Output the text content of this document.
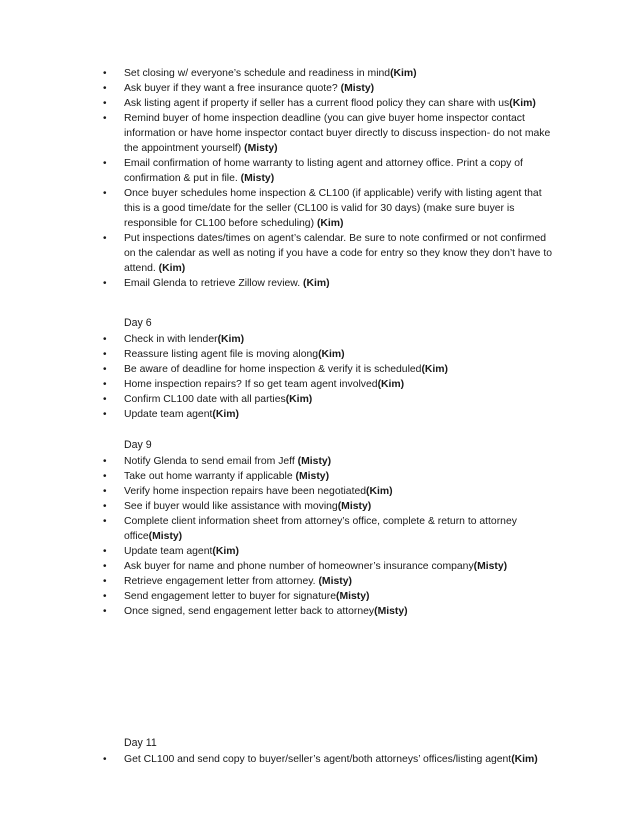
• Set closing w/ everyone’s schedule and readiness in mind(Kim)
• Ask buyer if they want a free insurance quote? (Misty)
• Ask listing agent if property if seller has a current flood policy they can share with us(Kim)
• Remind buyer of home inspection deadline (you can give buyer home inspector contact information or have home inspector contact buyer directly to discuss inspection- do not make the appointment yourself) (Misty)
• Email confirmation of home warranty to listing agent and attorney office. Print a copy of confirmation & put in file. (Misty)
• Once buyer schedules home inspection & CL100 (if applicable) verify with listing agent that this is a good time/date for the seller (CL100 is valid for 30 days) (make sure buyer is responsible for CL100 before scheduling) (Kim)
• Put inspections dates/times on agent’s calendar. Be sure to note confirmed or not confirmed on the calendar as well as noting if you have a code for entry so they know they don’t have to attend. (Kim)
• Email Glenda to retrieve Zillow review. (Kim)
Day 6
• Check in with lender(Kim)
• Reassure listing agent file is moving along(Kim)
• Be aware of deadline for home inspection & verify it is scheduled(Kim)
• Home inspection repairs? If so get team agent involved(Kim)
• Confirm CL100 date with all parties(Kim)
• Update team agent(Kim)
Day 9
• Notify Glenda to send email from Jeff (Misty)
• Take out home warranty if applicable (Misty)
• Verify home inspection repairs have been negotiated(Kim)
• See if buyer would like assistance with moving(Misty)
• Complete client information sheet from attorney’s office, complete & return to attorney office(Misty)
• Update team agent(Kim)
• Ask buyer for name and phone number of homeowner’s insurance company(Misty)
• Retrieve engagement letter from attorney. (Misty)
• Send engagement letter to buyer for signature(Misty)
• Once signed, send engagement letter back to attorney(Misty)
Day 11
• Get CL100 and send copy to buyer/seller’s agent/both attorneys’ offices/listing agent(Kim)
